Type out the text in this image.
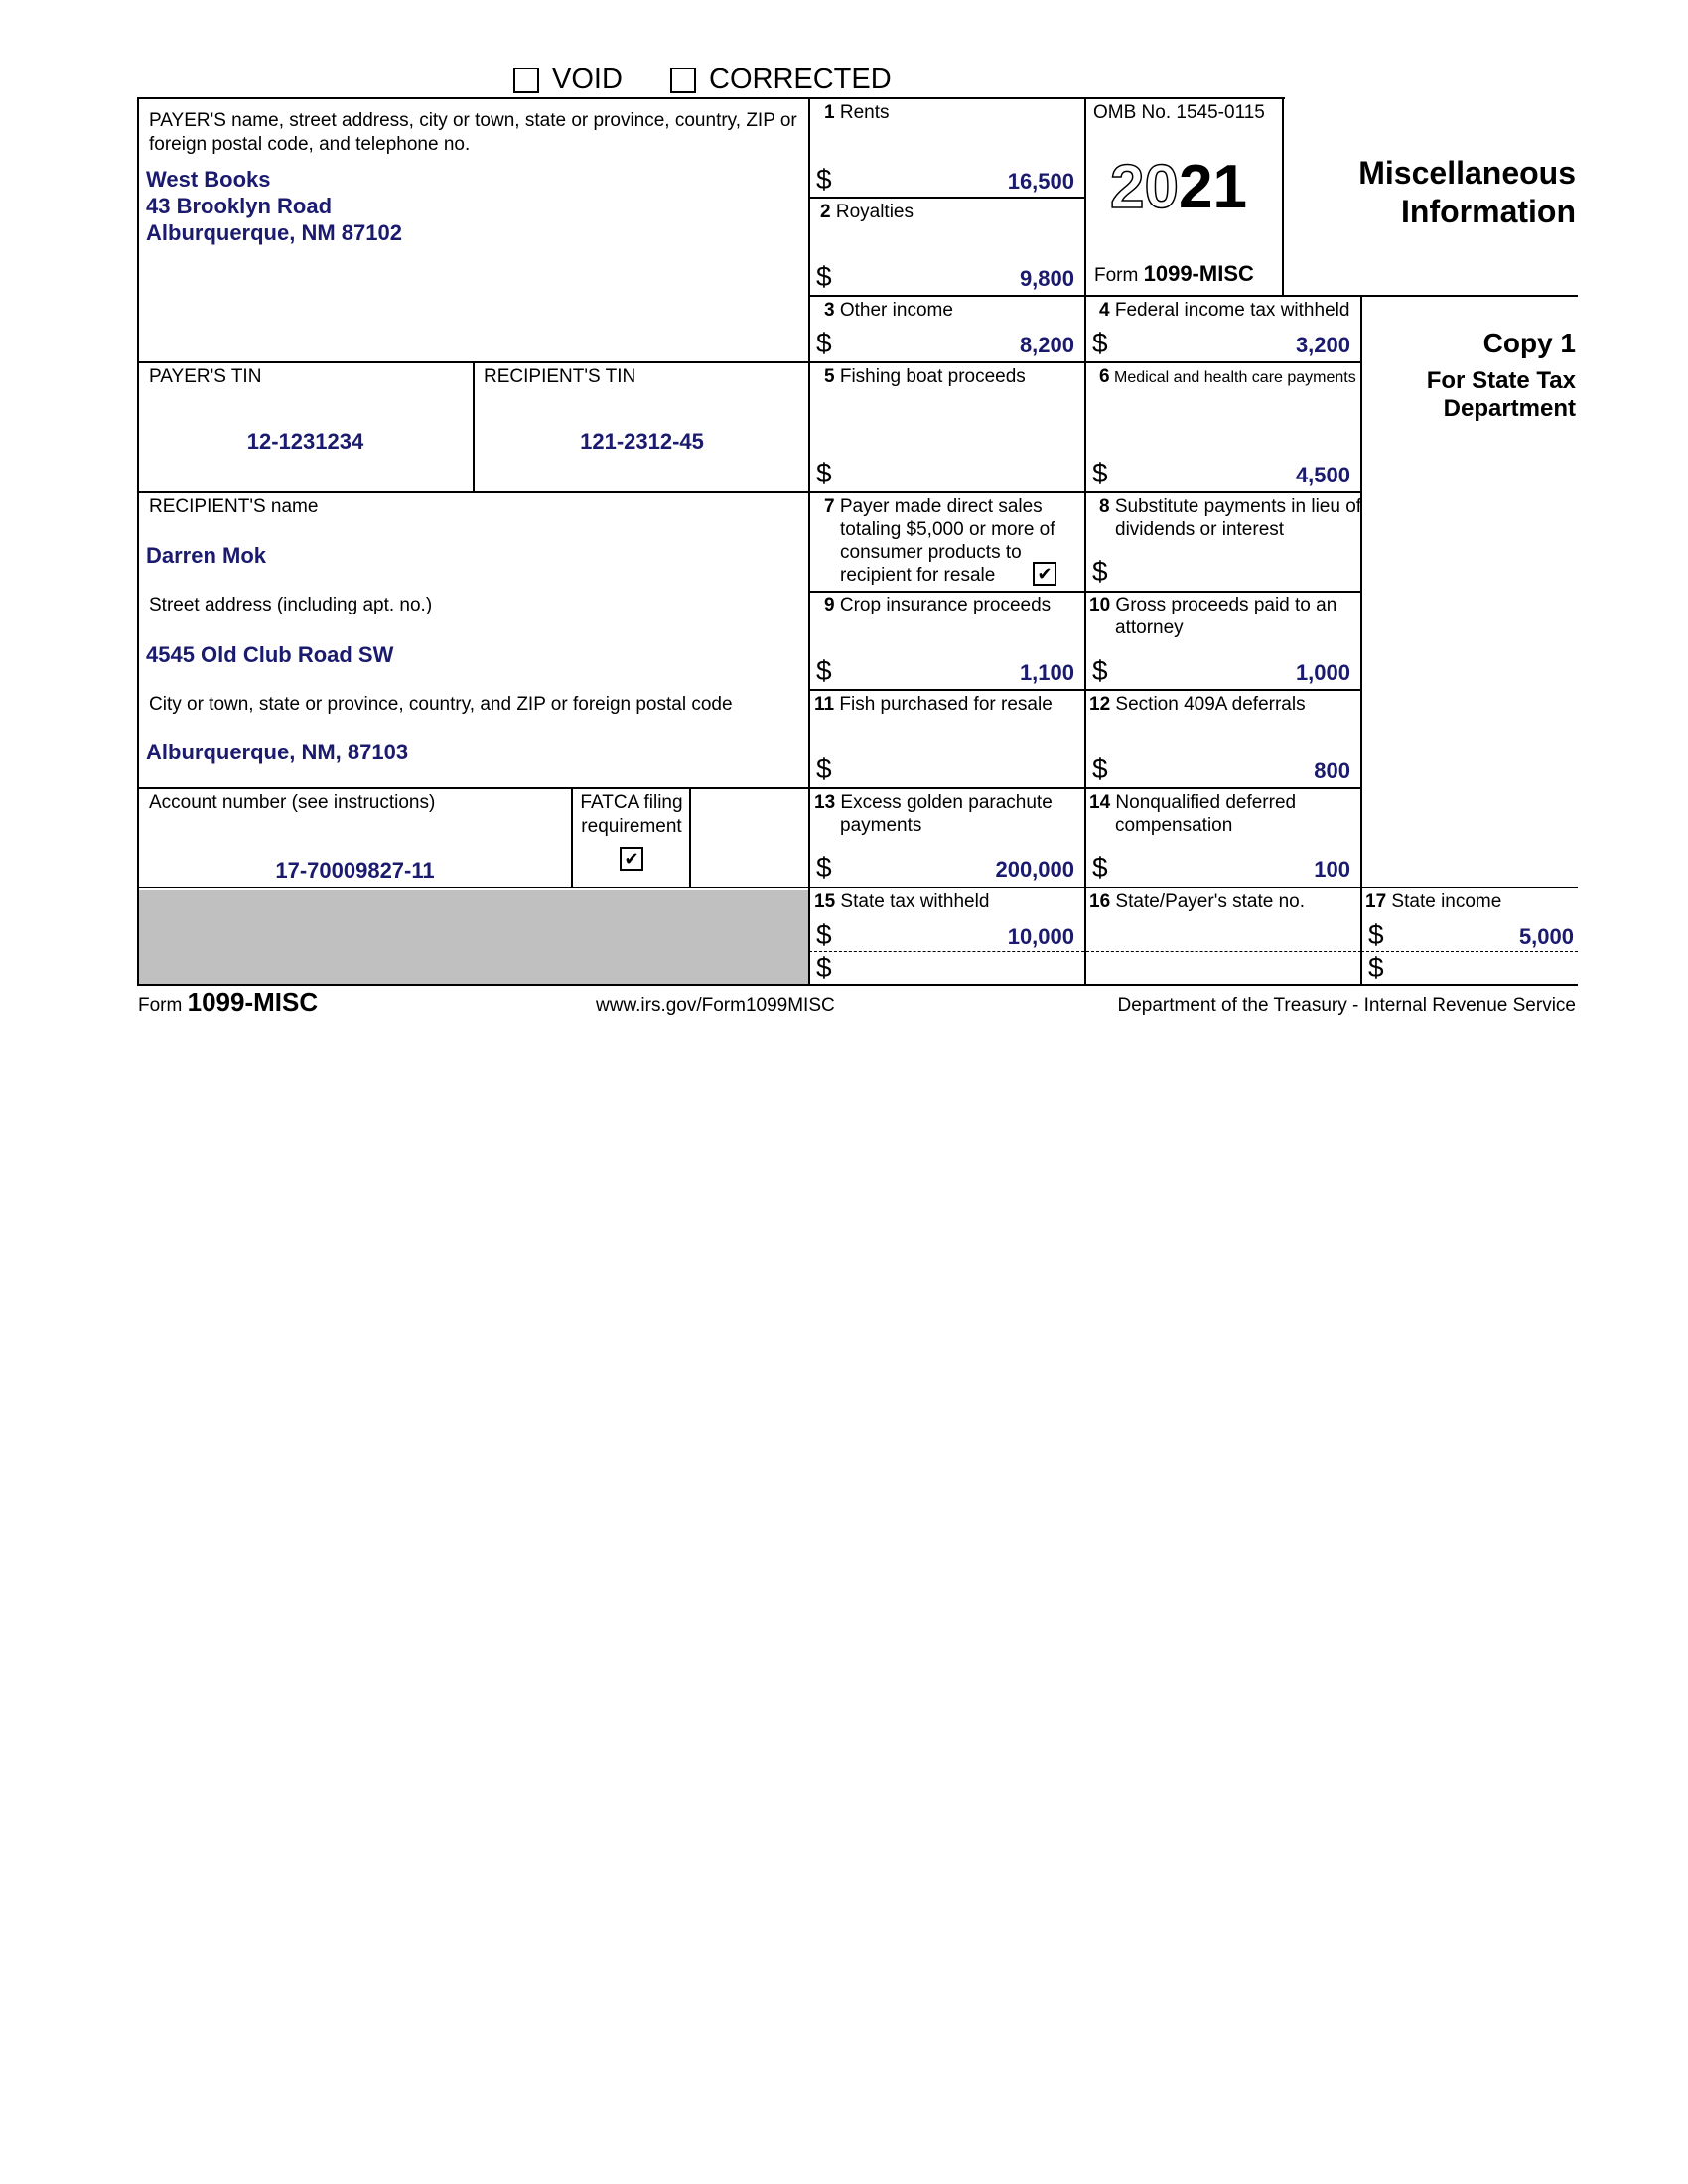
VOID	CORRECTED
PAYER'S name, street address, city or town, state or province, country, ZIP or foreign postal code, and telephone no.
West Books
43 Brooklyn Road
Alburquerque, NM 87102
PAYER'S TIN
12-1231234
RECIPIENT'S TIN
121-2312-45
RECIPIENT'S name
Darren Mok
Street address (including apt. no.)
4545 Old Club Road SW
City or town, state or province, country, and ZIP or foreign postal code
Alburquerque, NM, 87103
Account number (see instructions)
17-70009827-11
FATCA filing
requirement
✔
1 Rents
$	16,500
2 Royalties
$	9,800
OMB No. 1545-0115
2021
Form 1099-MISC
Miscellaneous
Information
Copy 1
For State Tax
Department
3 Other income
$	8,200
4 Federal income tax withheld
$	3,200
5 Fishing boat proceeds
$
6 Medical and health care payments
$	4,500
7 Payer made direct sales
totaling $5,000 or more of
consumer products to
recipient for resale	✔
8 Substitute payments in lieu of
dividends or interest
$
9 Crop insurance proceeds
$	1,100
10 Gross proceeds paid to an
attorney
$	1,000
11 Fish purchased for resale
$
12 Section 409A deferrals
$	800
13 Excess golden parachute
payments
$	200,000
14 Nonqualified deferred
compensation
$	100
15 State tax withheld
$	10,000
$
16 State/Payer's state no.	17 State income
$	5,000
$
Form 1099-MISC	www.irs.gov/Form1099MISC	Department of the Treasury - Internal Revenue Service
